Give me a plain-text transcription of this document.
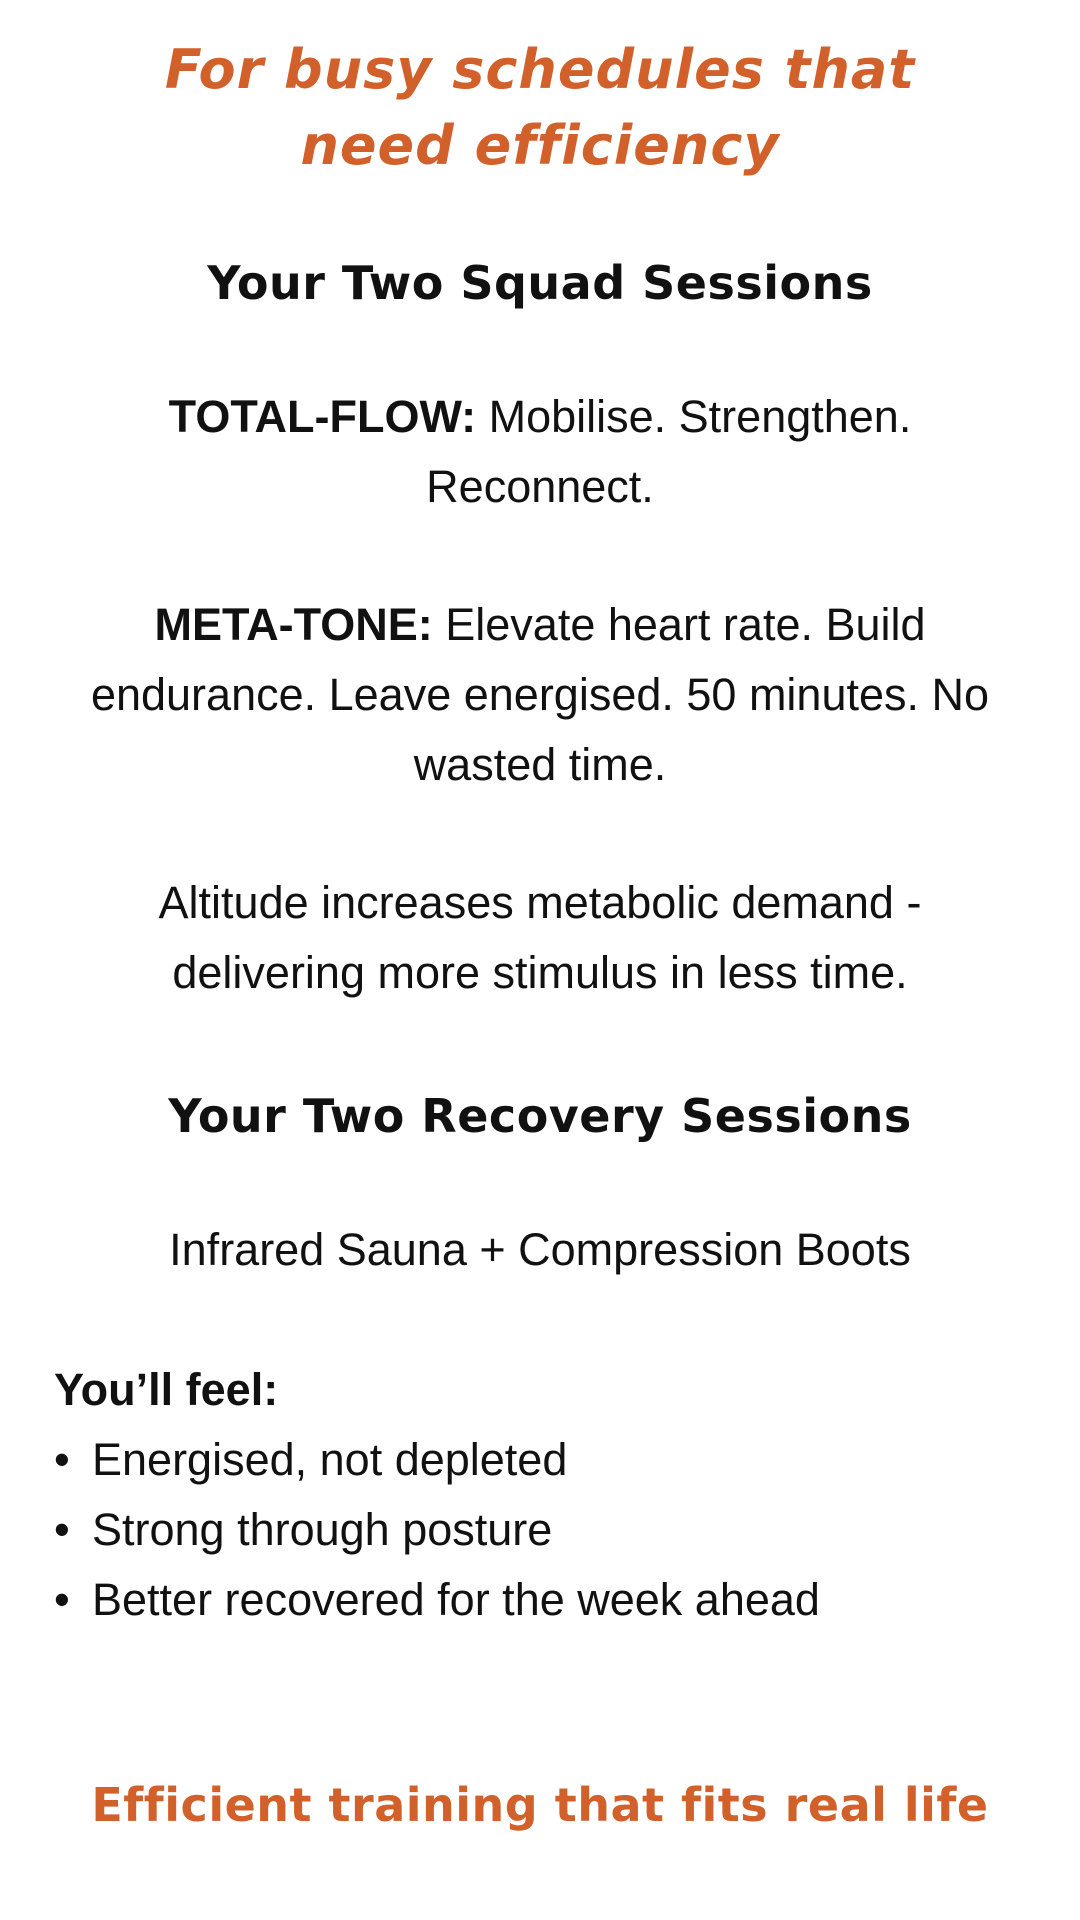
For busy schedules that need efficiency
Your Two Squad Sessions
TOTAL-FLOW: Mobilise. Strengthen. Reconnect.
META-TONE: Elevate heart rate. Build endurance. Leave energised. 50 minutes. No wasted time.
Altitude increases metabolic demand - delivering more stimulus in less time.
Your Two Recovery Sessions
Infrared Sauna + Compression Boots
You’ll feel:
• Energised, not depleted
• Strong through posture
• Better recovered for the week ahead
Efficient training that fits real life
